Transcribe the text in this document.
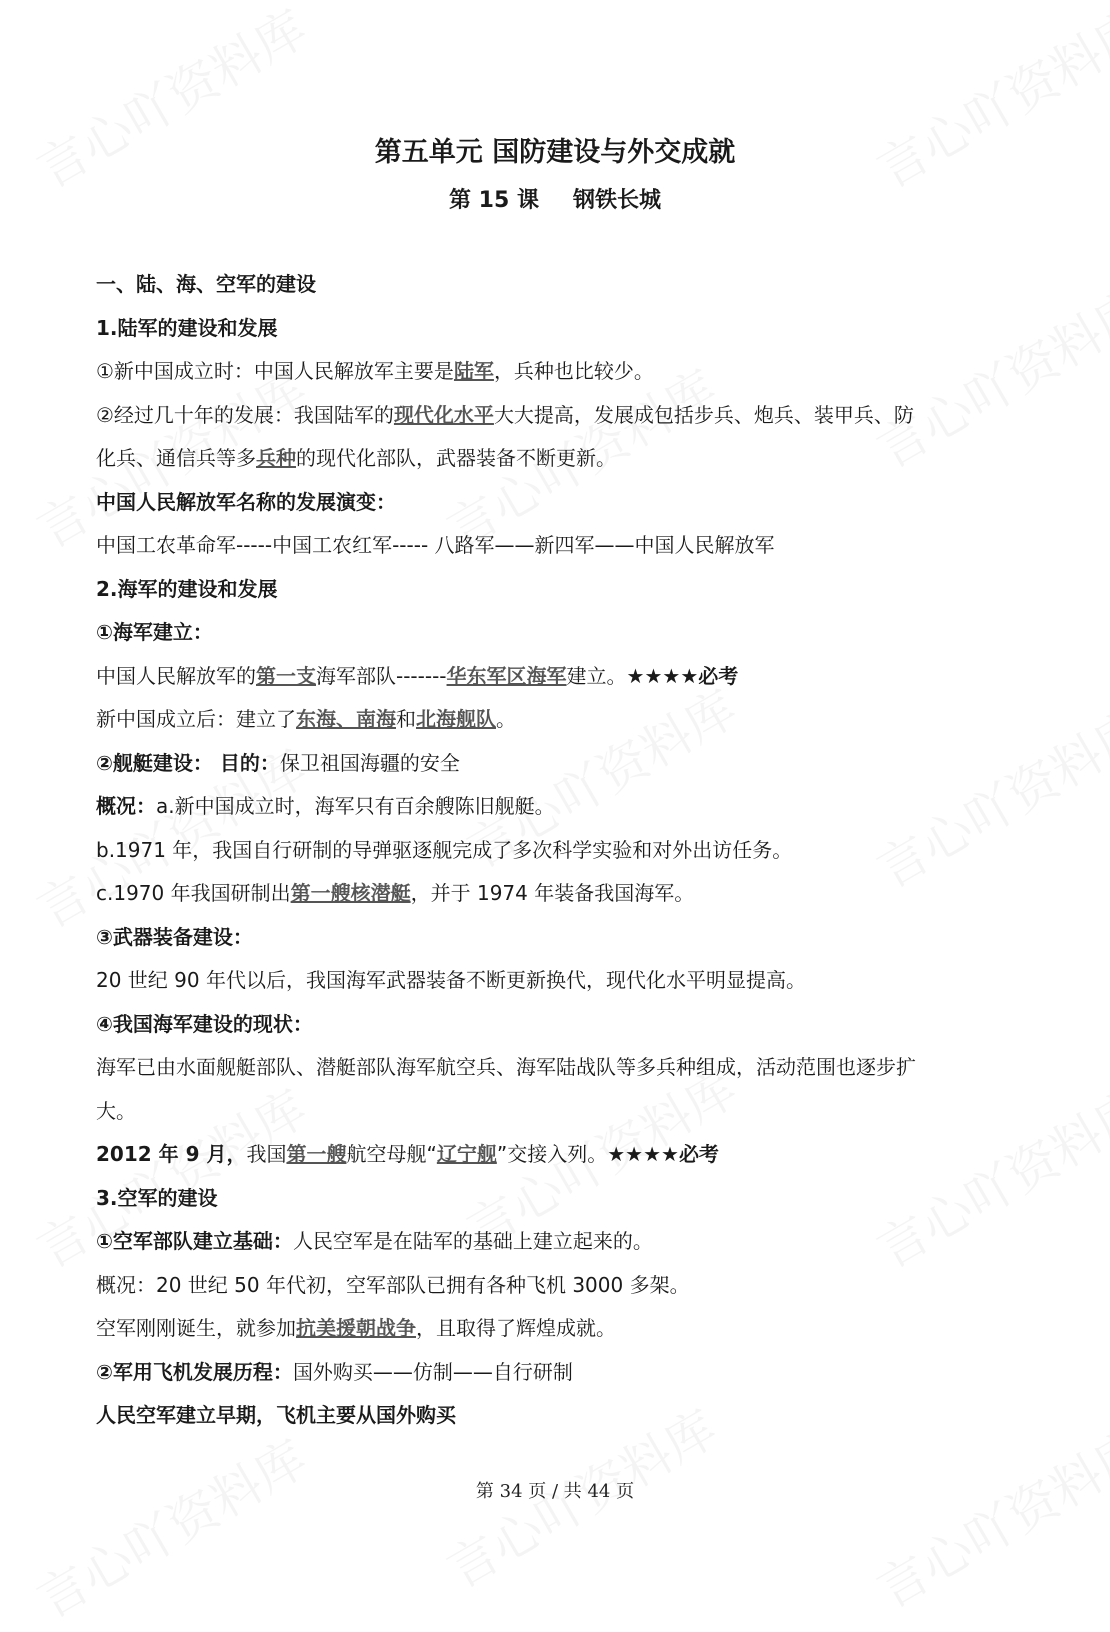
第五单元 国防建设与外交成就
第 15 课 钢铁长城
一、陆、海、空军的建设
1.陆军的建设和发展
①新中国成立时：中国人民解放军主要是陆军，兵种也比较少。
②经过几十年的发展：我国陆军的现代化水平大大提高，发展成包括步兵、炮兵、装甲兵、防
化兵、通信兵等多兵种的现代化部队，武器装备不断更新。
中国人民解放军名称的发展演变：
中国工农革命军-----中国工农红军----- 八路军——新四军——中国人民解放军
2.海军的建设和发展
①海军建立：
中国人民解放军的第一支海军部队-------华东军区海军建立。★★★★必考
新中国成立后：建立了东海、南海和北海舰队。
②舰艇建设： 目的：保卫祖国海疆的安全
概况：a.新中国成立时，海军只有百余艘陈旧舰艇。
b.1971 年，我国自行研制的导弹驱逐舰完成了多次科学实验和对外出访任务。
c.1970 年我国研制出第一艘核潜艇，并于 1974 年装备我国海军。
③武器装备建设：
20 世纪 90 年代以后，我国海军武器装备不断更新换代，现代化水平明显提高。
④我国海军建设的现状：
海军已由水面舰艇部队、潜艇部队海军航空兵、海军陆战队等多兵种组成，活动范围也逐步扩
大。
2012 年 9 月，我国第一艘航空母舰“辽宁舰”交接入列。★★★★必考
3.空军的建设
①空军部队建立基础：人民空军是在陆军的基础上建立起来的。
概况：20 世纪 50 年代初，空军部队已拥有各种飞机 3000 多架。
空军刚刚诞生，就参加抗美援朝战争，且取得了辉煌成就。
②军用飞机发展历程：国外购买——仿制——自行研制
人民空军建立早期，飞机主要从国外购买
第 34 页 / 共 44 页
